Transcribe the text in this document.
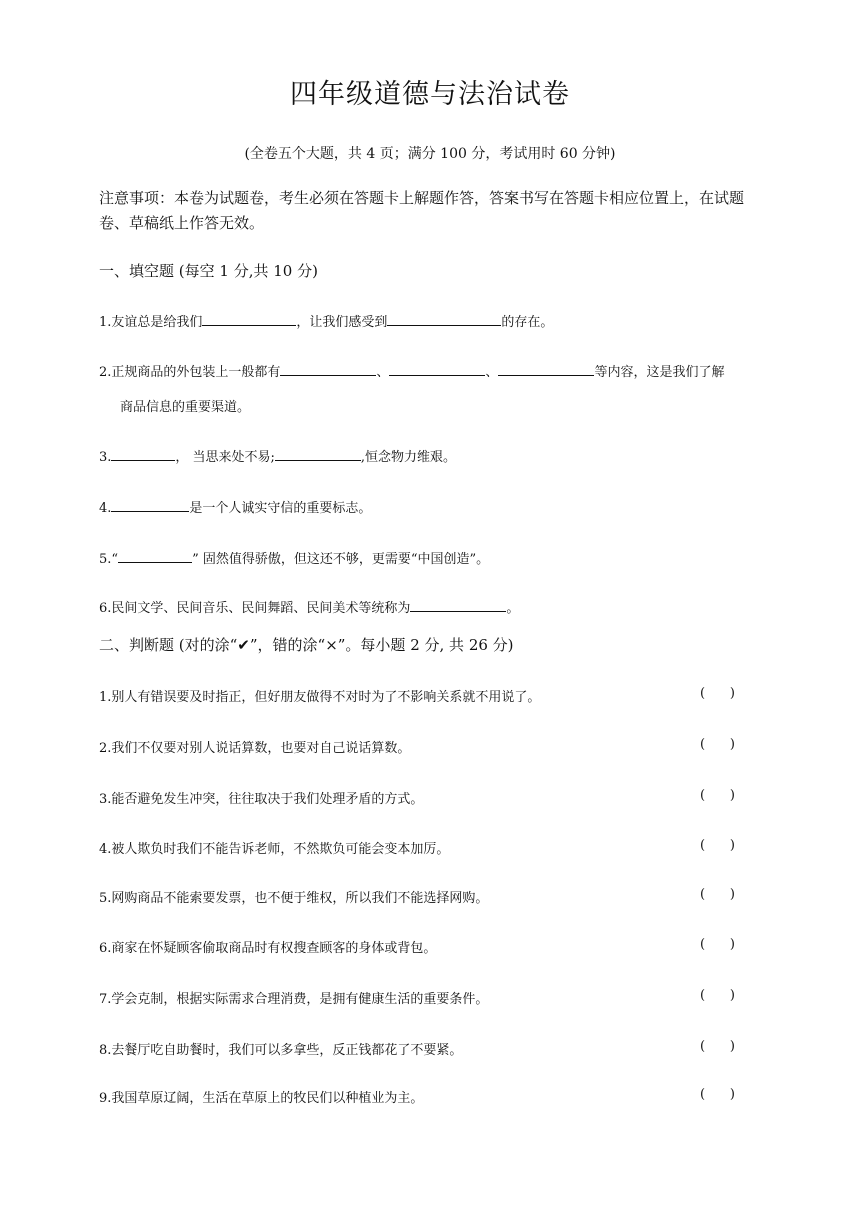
四年级道德与法治试卷
(全卷五个大题，共 4 页；满分 100 分，考试用时 60 分钟)
注意事项：本卷为试题卷，考生必须在答题卡上解题作答，答案书写在答题卡相应位置上，在试题卷、草稿纸上作答无效。
一、填空题 (每空 1 分,共 10 分)
1.友谊总是给我们	，让我们感受到	的存在。
2.正规商品的外包装上一般都有	、	、	等内容，这是我们了解
商品信息的重要渠道。
3.	， 当思来处不易;	,恒念物力维艰。
4.	是一个人诚实守信的重要标志。
5.“	” 固然值得骄傲，但这还不够，更需要“中国创造”。
6.民间文学、民间音乐、民间舞蹈、民间美术等统称为	。
二、判断题 (对的涂“✔”，错的涂“×”。每小题 2 分, 共 26 分)
1.别人有错误要及时指正，但好朋友做得不对时为了不影响关系就不用说了。	(      )
2.我们不仅要对别人说话算数，也要对自己说话算数。	(      )
3.能否避免发生冲突，往往取决于我们处理矛盾的方式。	(      )
4.被人欺负时我们不能告诉老师，不然欺负可能会变本加厉。	(      )
5.网购商品不能索要发票，也不便于维权，所以我们不能选择网购。	(      )
6.商家在怀疑顾客偷取商品时有权搜查顾客的身体或背包。	(      )
7.学会克制，根据实际需求合理消费，是拥有健康生活的重要条件。	(      )
8.去餐厅吃自助餐时，我们可以多拿些，反正钱都花了不要紧。	(      )
9.我国草原辽阔，生活在草原上的牧民们以种植业为主。	(      )
